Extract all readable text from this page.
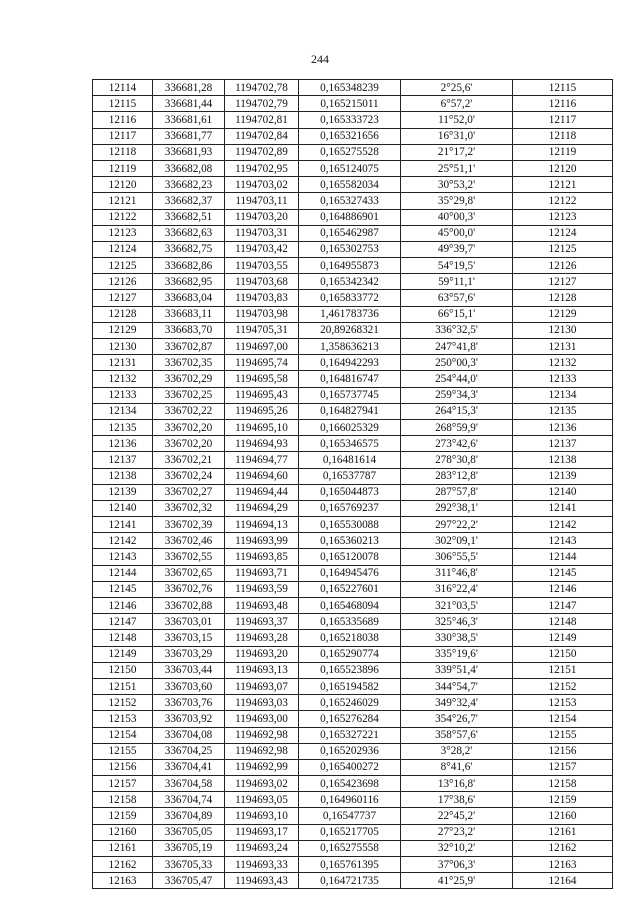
244
12114	336681,28	1194702,78	0,165348239	2°25,6'	12115
12115	336681,44	1194702,79	0,165215011	6°57,2'	12116
12116	336681,61	1194702,81	0,165333723	11°52,0'	12117
12117	336681,77	1194702,84	0,165321656	16°31,0'	12118
12118	336681,93	1194702,89	0,165275528	21°17,2'	12119
12119	336682,08	1194702,95	0,165124075	25°51,1'	12120
12120	336682,23	1194703,02	0,165582034	30°53,2'	12121
12121	336682,37	1194703,11	0,165327433	35°29,8'	12122
12122	336682,51	1194703,20	0,164886901	40°00,3'	12123
12123	336682,63	1194703,31	0,165462987	45°00,0'	12124
12124	336682,75	1194703,42	0,165302753	49°39,7'	12125
12125	336682,86	1194703,55	0,164955873	54°19,5'	12126
12126	336682,95	1194703,68	0,165342342	59°11,1'	12127
12127	336683,04	1194703,83	0,165833772	63°57,6'	12128
12128	336683,11	1194703,98	1,461783736	66°15,1'	12129
12129	336683,70	1194705,31	20,89268321	336°32,5'	12130
12130	336702,87	1194697,00	1,358636213	247°41,8'	12131
12131	336702,35	1194695,74	0,164942293	250°00,3'	12132
12132	336702,29	1194695,58	0,164816747	254°44,0'	12133
12133	336702,25	1194695,43	0,165737745	259°34,3'	12134
12134	336702,22	1194695,26	0,164827941	264°15,3'	12135
12135	336702,20	1194695,10	0,166025329	268°59,9'	12136
12136	336702,20	1194694,93	0,165346575	273°42,6'	12137
12137	336702,21	1194694,77	0,16481614	278°30,8'	12138
12138	336702,24	1194694,60	0,16537787	283°12,8'	12139
12139	336702,27	1194694,44	0,165044873	287°57,8'	12140
12140	336702,32	1194694,29	0,165769237	292°38,1'	12141
12141	336702,39	1194694,13	0,165530088	297°22,2'	12142
12142	336702,46	1194693,99	0,165360213	302°09,1'	12143
12143	336702,55	1194693,85	0,165120078	306°55,5'	12144
12144	336702,65	1194693,71	0,164945476	311°46,8'	12145
12145	336702,76	1194693,59	0,165227601	316°22,4'	12146
12146	336702,88	1194693,48	0,165468094	321°03,5'	12147
12147	336703,01	1194693,37	0,165335689	325°46,3'	12148
12148	336703,15	1194693,28	0,165218038	330°38,5'	12149
12149	336703,29	1194693,20	0,165290774	335°19,6'	12150
12150	336703,44	1194693,13	0,165523896	339°51,4'	12151
12151	336703,60	1194693,07	0,165194582	344°54,7'	12152
12152	336703,76	1194693,03	0,165246029	349°32,4'	12153
12153	336703,92	1194693,00	0,165276284	354°26,7'	12154
12154	336704,08	1194692,98	0,165327221	358°57,6'	12155
12155	336704,25	1194692,98	0,165202936	3°28,2'	12156
12156	336704,41	1194692,99	0,165400272	8°41,6'	12157
12157	336704,58	1194693,02	0,165423698	13°16,8'	12158
12158	336704,74	1194693,05	0,164960116	17°38,6'	12159
12159	336704,89	1194693,10	0,16547737	22°45,2'	12160
12160	336705,05	1194693,17	0,165217705	27°23,2'	12161
12161	336705,19	1194693,24	0,165275558	32°10,2'	12162
12162	336705,33	1194693,33	0,165761395	37°06,3'	12163
12163	336705,47	1194693,43	0,164721735	41°25,9'	12164
